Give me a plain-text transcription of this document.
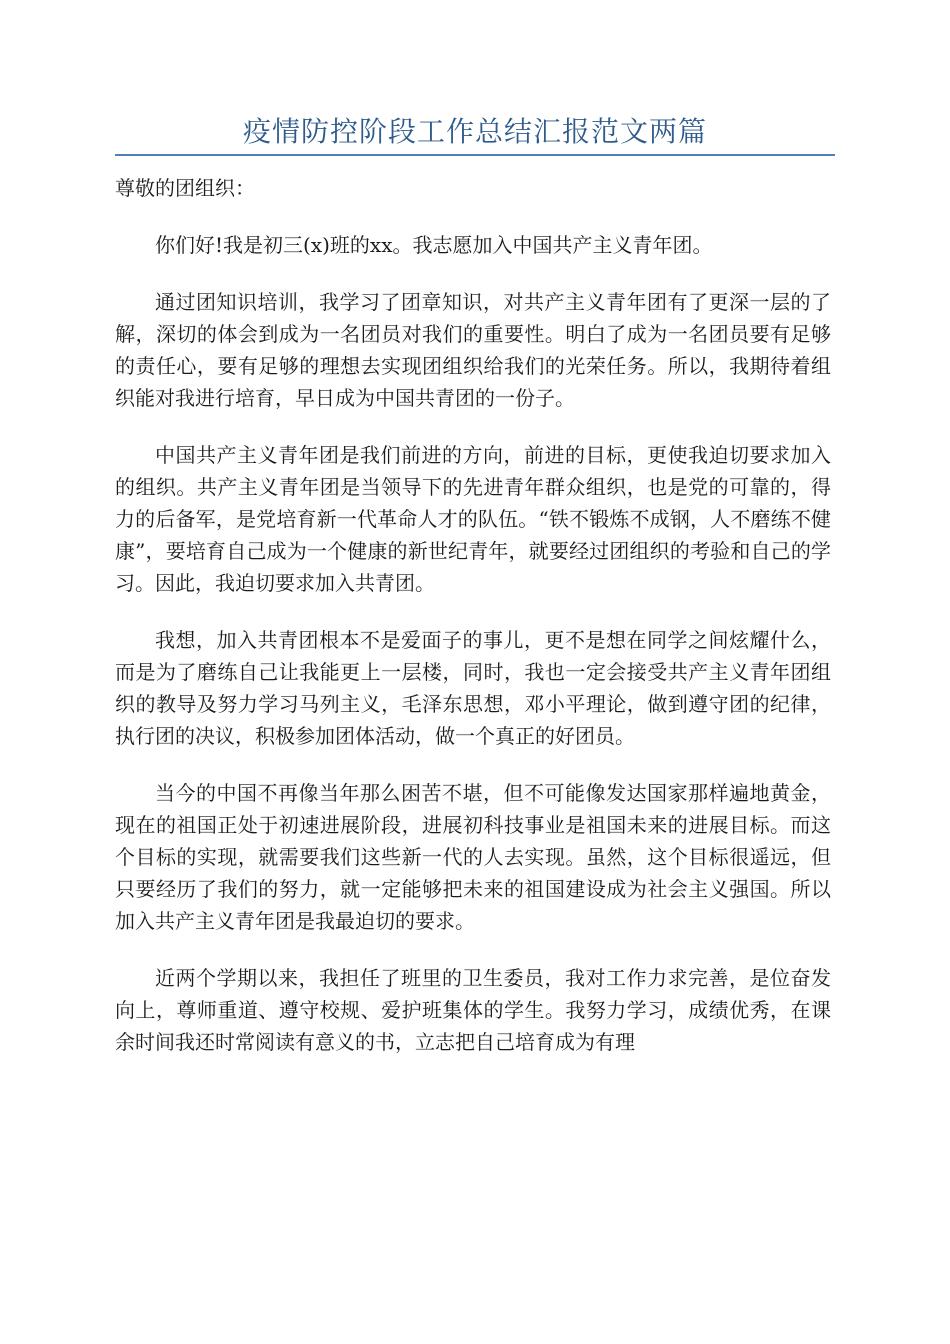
疫情防控阶段工作总结汇报范文两篇

尊敬的团组织：

你们好!我是初三(x)班的xx。我志愿加入中国共产主义青年团。

通过团知识培训，我学习了团章知识，对共产主义青年团有了更深一层的了解，深切的体会到成为一名团员对我们的重要性。明白了成为一名团员要有足够的责任心，要有足够的理想去实现团组织给我们的光荣任务。所以，我期待着组织能对我进行培育，早日成为中国共青团的一份子。

中国共产主义青年团是我们前进的方向，前进的目标，更使我迫切要求加入的组织。共产主义青年团是当领导下的先进青年群众组织，也是党的可靠的，得力的后备军，是党培育新一代革命人才的队伍。“铁不锻炼不成钢，人不磨练不健康”，要培育自己成为一个健康的新世纪青年，就要经过团组织的考验和自己的学习。因此，我迫切要求加入共青团。

我想，加入共青团根本不是爱面子的事儿，更不是想在同学之间炫耀什么，而是为了磨练自己让我能更上一层楼，同时，我也一定会接受共产主义青年团组织的教导及努力学习马列主义，毛泽东思想，邓小平理论，做到遵守团的纪律，执行团的决议，积极参加团体活动，做一个真正的好团员。

当今的中国不再像当年那么困苦不堪，但不可能像发达国家那样遍地黄金，现在的祖国正处于初速进展阶段，进展初科技事业是祖国未来的进展目标。而这个目标的实现，就需要我们这些新一代的人去实现。虽然，这个目标很遥远，但只要经历了我们的努力，就一定能够把未来的祖国建设成为社会主义强国。所以加入共产主义青年团是我最迫切的要求。

近两个学期以来，我担任了班里的卫生委员，我对工作力求完善，是位奋发向上，尊师重道、遵守校规、爱护班集体的学生。我努力学习，成绩优秀，在课余时间我还时常阅读有意义的书，立志把自己培育成为有理
